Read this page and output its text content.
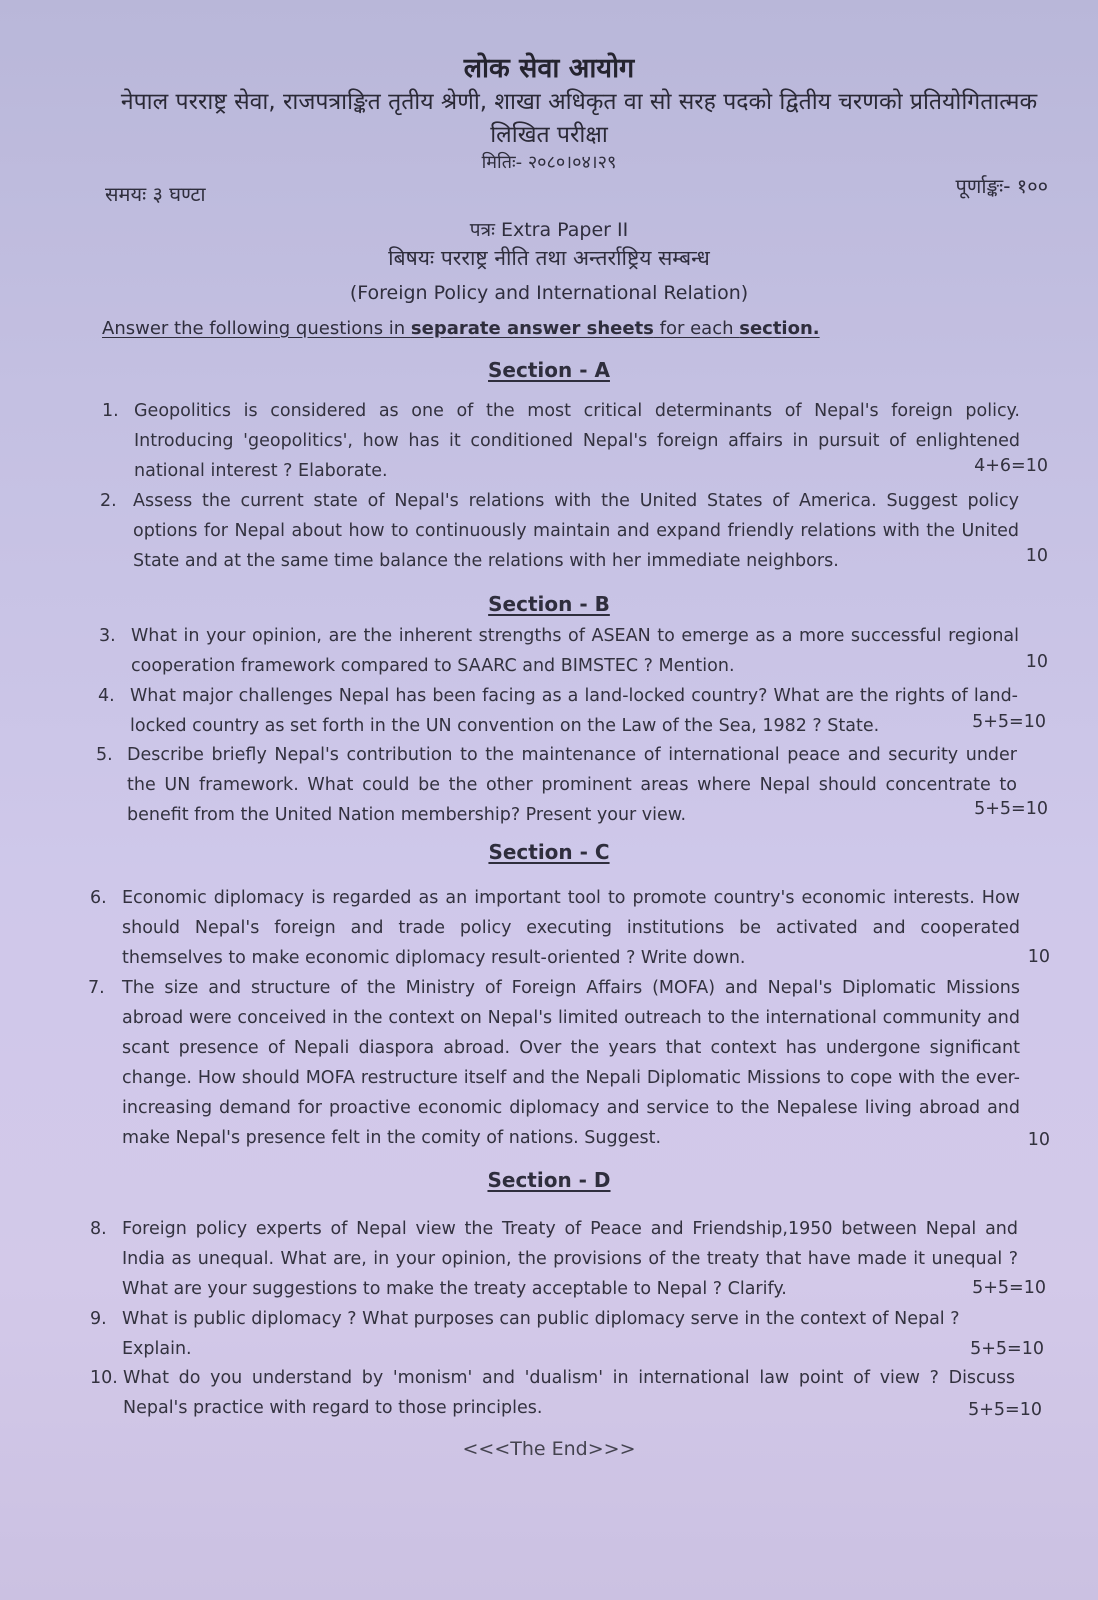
लोक सेवा आयोग
नेपाल परराष्ट्र सेवा, राजपत्राङ्कित तृतीय श्रेणी, शाखा अधिकृत वा सो सरह पदको द्वितीय चरणको प्रतियोगितात्मक
लिखित परीक्षा
मितिः- २०८०।०४।२९
समयः ३ घण्टा	पूर्णाङ्कः- १००
पत्रः Extra Paper II
बिषयः परराष्ट्र नीति तथा अन्तर्राष्ट्रिय सम्बन्ध
(Foreign Policy and International Relation)
Answer the following questions in separate answer sheets for each section.
Section - A
1. Geopolitics is considered as one of the most critical determinants of Nepal's foreign policy. Introducing 'geopolitics', how has it conditioned Nepal's foreign affairs in pursuit of enlightened national interest ? Elaborate.	4+6=10
2. Assess the current state of Nepal's relations with the United States of America. Suggest policy options for Nepal about how to continuously maintain and expand friendly relations with the United State and at the same time balance the relations with her immediate neighbors.	10
Section - B
3. What in your opinion, are the inherent strengths of ASEAN to emerge as a more successful regional cooperation framework compared to SAARC and BIMSTEC ? Mention.	10
4. What major challenges Nepal has been facing as a land-locked country? What are the rights of land-locked country as set forth in the UN convention on the Law of the Sea, 1982 ? State.	5+5=10
5. Describe briefly Nepal's contribution to the maintenance of international peace and security under the UN framework. What could be the other prominent areas where Nepal should concentrate to benefit from the United Nation membership? Present your view.	5+5=10
Section - C
6. Economic diplomacy is regarded as an important tool to promote country's economic interests. How should Nepal's foreign and trade policy executing institutions be activated and cooperated themselves to make economic diplomacy result-oriented ? Write down.	10
7. The size and structure of the Ministry of Foreign Affairs (MOFA) and Nepal's Diplomatic Missions abroad were conceived in the context on Nepal's limited outreach to the international community and scant presence of Nepali diaspora abroad. Over the years that context has undergone significant change. How should MOFA restructure itself and the Nepali Diplomatic Missions to cope with the ever-increasing demand for proactive economic diplomacy and service to the Nepalese living abroad and make Nepal's presence felt in the comity of nations. Suggest.	10
Section - D
8. Foreign policy experts of Nepal view the Treaty of Peace and Friendship,1950 between Nepal and India as unequal. What are, in your opinion, the provisions of the treaty that have made it unequal ? What are your suggestions to make the treaty acceptable to Nepal ? Clarify.	5+5=10
9. What is public diplomacy ? What purposes can public diplomacy serve in the context of Nepal ? Explain.	5+5=10
10. What do you understand by 'monism' and 'dualism' in international law point of view ? Discuss Nepal's practice with regard to those principles.	5+5=10
<<<The End>>>
